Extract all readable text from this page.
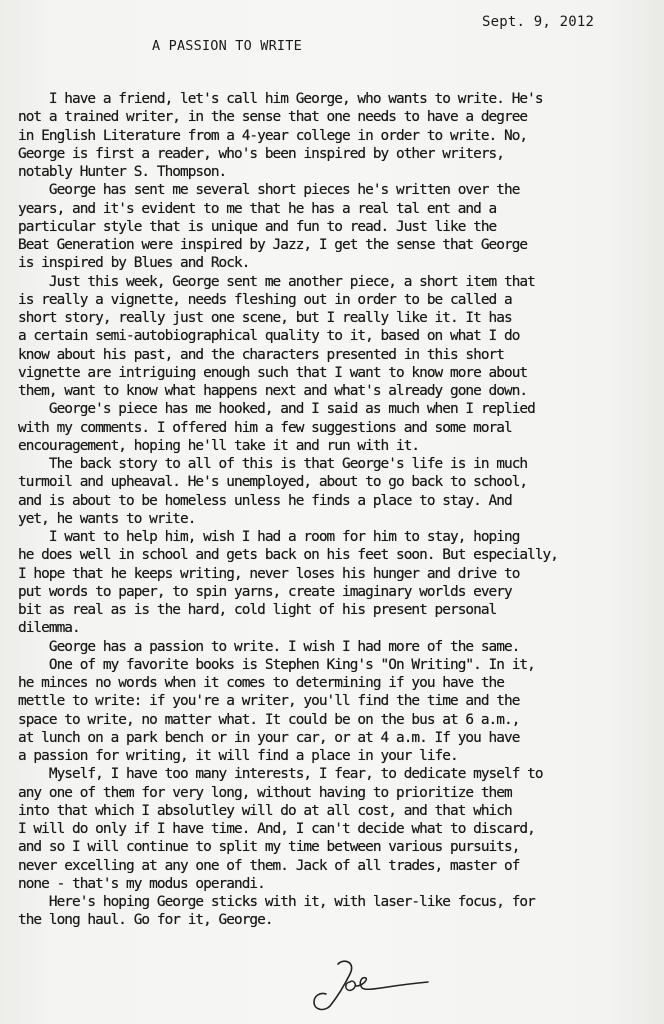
Sept. 9, 2012
A PASSION TO WRITE
I have a friend, let's call him George, who wants to write. He's
not a trained writer, in the sense that one needs to have a degree
in English Literature from a 4-year college in order to write. No,
George is first a reader, who's been inspired by other writers,
notably Hunter S. Thompson.
George has sent me several short pieces he's written over the
years, and it's evident to me that he has a real tal ent and a
particular style that is unique and fun to read. Just like the
Beat Generation were inspired by Jazz, I get the sense that George
is inspired by Blues and Rock.
Just this week, George sent me another piece, a short item that
is really a vignette, needs fleshing out in order to be called a
short story, really just one scene, but I really like it. It has
a certain semi-autobiographical quality to it, based on what I do
know about his past, and the characters presented in this short
vignette are intriguing enough such that I want to know more about
them, want to know what happens next and what's already gone down.
George's piece has me hooked, and I said as much when I replied
with my comments. I offered him a few suggestions and some moral
encouragement, hoping he'll take it and run with it.
The back story to all of this is that George's life is in much
turmoil and upheaval. He's unemployed, about to go back to school,
and is about to be homeless unless he finds a place to stay. And
yet, he wants to write.
I want to help him, wish I had a room for him to stay, hoping
he does well in school and gets back on his feet soon. But especially,
I hope that he keeps writing, never loses his hunger and drive to
put words to paper, to spin yarns, create imaginary worlds every
bit as real as is the hard, cold light of his present personal
dilemma.
George has a passion to write. I wish I had more of the same.
One of my favorite books is Stephen King's "On Writing". In it,
he minces no words when it comes to determining if you have the
mettle to write: if you're a writer, you'll find the time and the
space to write, no matter what. It could be on the bus at 6 a.m.,
at lunch on a park bench or in your car, or at 4 a.m. If you have
a passion for writing, it will find a place in your life.
Myself, I have too many interests, I fear, to dedicate myself to
any one of them for very long, without having to prioritize them
into that which I absolutley will do at all cost, and that which
I will do only if I have time. And, I can't decide what to discard,
and so I will continue to split my time between various pursuits,
never excelling at any one of them. Jack of all trades, master of
none - that's my modus operandi.
Here's hoping George sticks with it, with laser-like focus, for
the long haul. Go for it, George.
